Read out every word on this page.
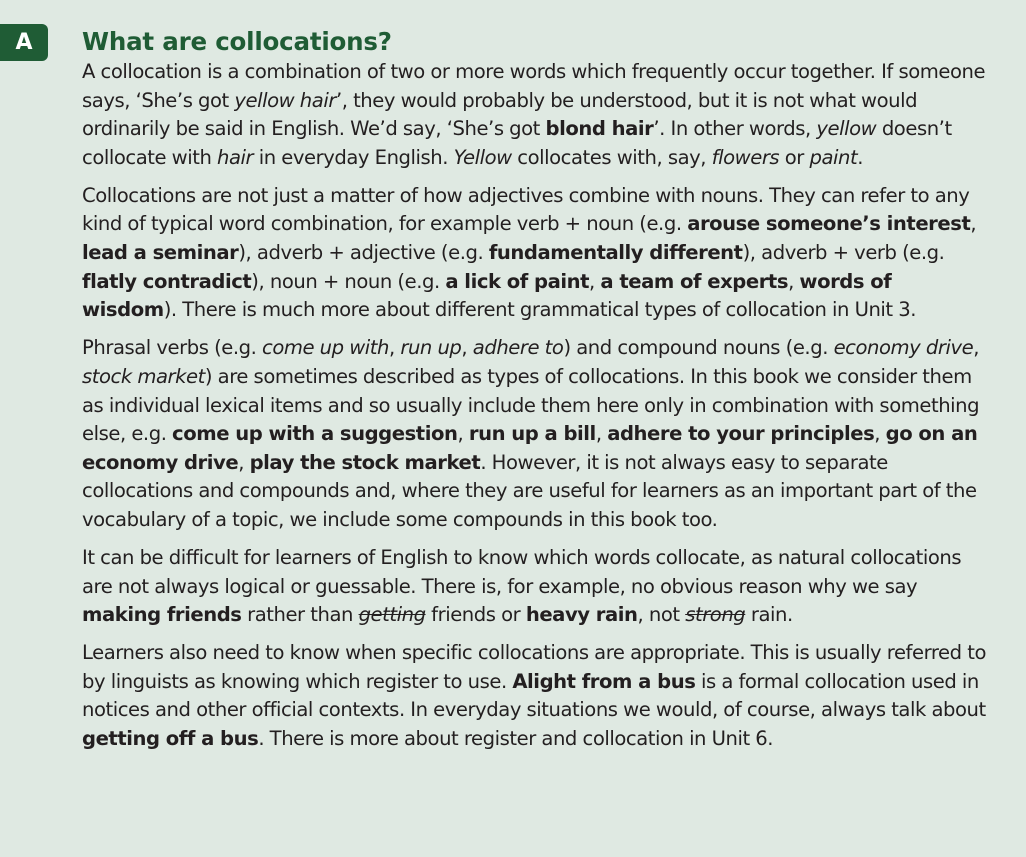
A	What are collocations?

A collocation is a combination of two or more words which frequently occur together. If someone says, ‘She’s got yellow hair’, they would probably be understood, but it is not what would ordinarily be said in English. We’d say, ‘She’s got blond hair’. In other words, yellow doesn’t collocate with hair in everyday English. Yellow collocates with, say, flowers or paint.

Collocations are not just a matter of how adjectives combine with nouns. They can refer to any kind of typical word combination, for example verb + noun (e.g. arouse someone’s interest, lead a seminar), adverb + adjective (e.g. fundamentally different), adverb + verb (e.g. flatly contradict), noun + noun (e.g. a lick of paint, a team of experts, words of wisdom). There is much more about different grammatical types of collocation in Unit 3.

Phrasal verbs (e.g. come up with, run up, adhere to) and compound nouns (e.g. economy drive, stock market) are sometimes described as types of collocations. In this book we consider them as individual lexical items and so usually include them here only in combination with something else, e.g. come up with a suggestion, run up a bill, adhere to your principles, go on an economy drive, play the stock market. However, it is not always easy to separate collocations and compounds and, where they are useful for learners as an important part of the vocabulary of a topic, we include some compounds in this book too.

It can be difficult for learners of English to know which words collocate, as natural collocations are not always logical or guessable. There is, for example, no obvious reason why we say making friends rather than getting friends or heavy rain, not strong rain.

Learners also need to know when specific collocations are appropriate. This is usually referred to by linguists as knowing which register to use. Alight from a bus is a formal collocation used in notices and other official contexts. In everyday situations we would, of course, always talk about getting off a bus. There is more about register and collocation in Unit 6.
